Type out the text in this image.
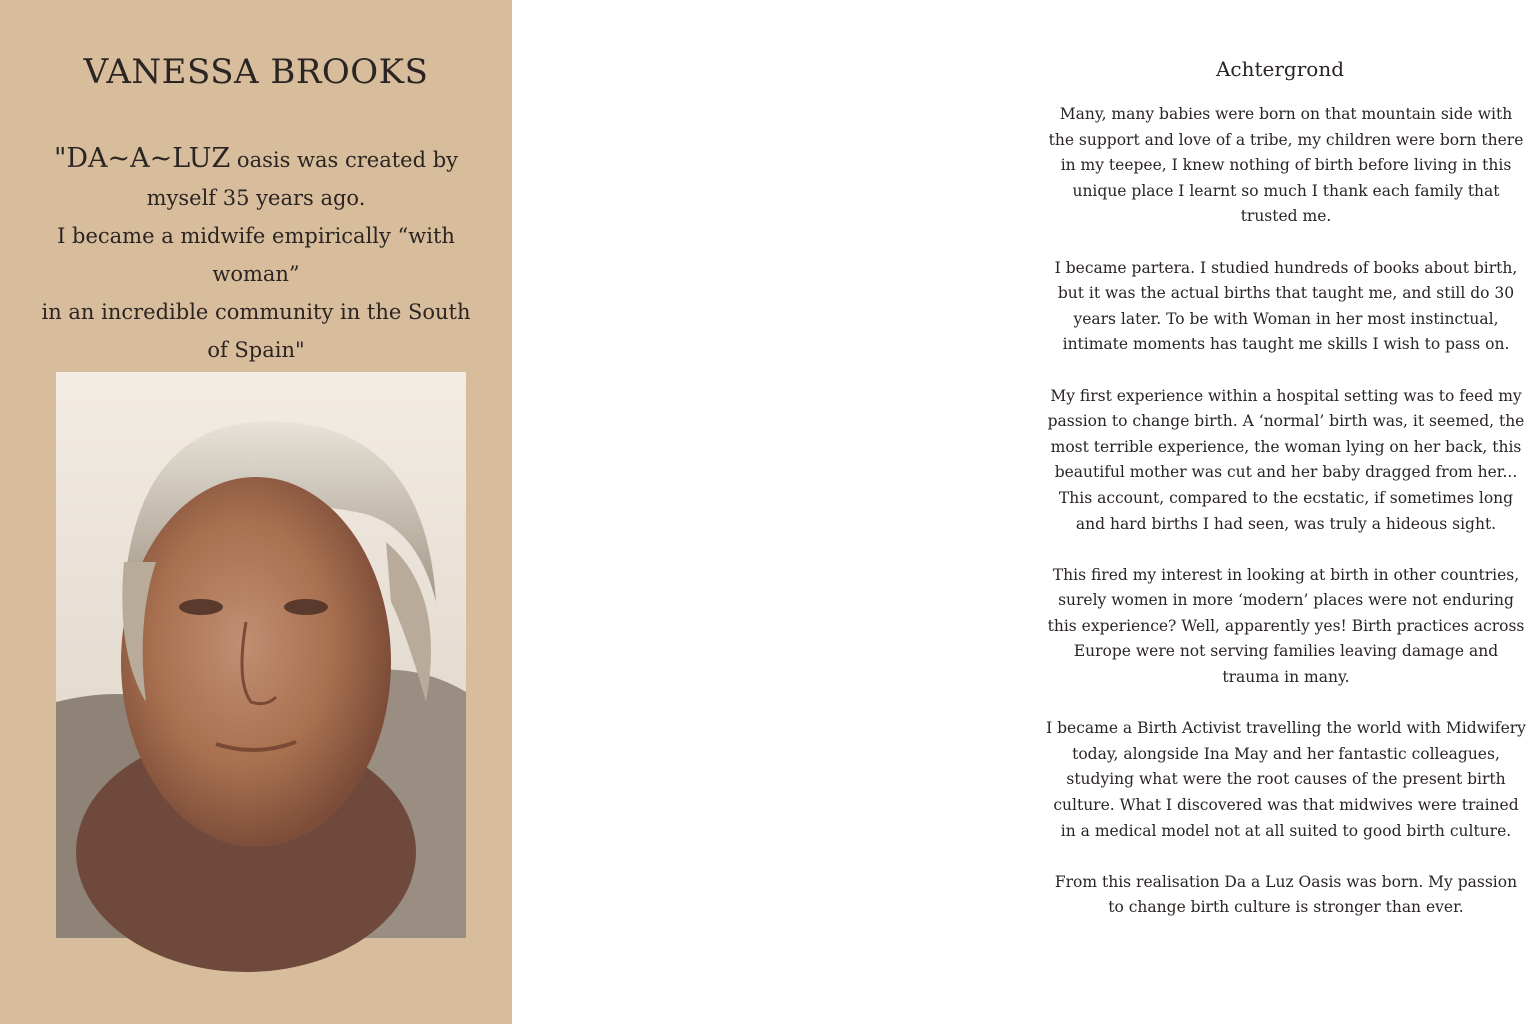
VANESSA BROOKS
"DA~A~LUZ oasis was created by
myself 35 years ago.
I became a midwife empirically “with woman”
in an incredible community in the South of Spain"
Achtergrond

Many, many babies were born on that mountain side with the support and love of a tribe, my children were born there in my teepee, I knew nothing of birth before living in this unique place I learnt so much I thank each family that trusted me.

I became partera. I studied hundreds of books about birth, but it was the actual births that taught me, and still do 30 years later. To be with Woman in her most instinctual, intimate moments has taught me skills I wish to pass on.

My first experience within a hospital setting was to feed my passion to change birth. A ‘normal’ birth was, it seemed, the most terrible experience, the woman lying on her back, this beautiful mother was cut and her baby dragged from her... This account, compared to the ecstatic, if sometimes long and hard births I had seen, was truly a hideous sight.

This fired my interest in looking at birth in other countries, surely women in more ‘modern’ places were not enduring this experience? Well, apparently yes! Birth practices across Europe were not serving families leaving damage and trauma in many.

I became a Birth Activist travelling the world with Midwifery today, alongside Ina May and her fantastic colleagues, studying what were the root causes of the present birth culture. What I discovered was that midwives were trained in a medical model not at all suited to good birth culture.

From this realisation Da a Luz Oasis was born. My passion to change birth culture is stronger than ever.
